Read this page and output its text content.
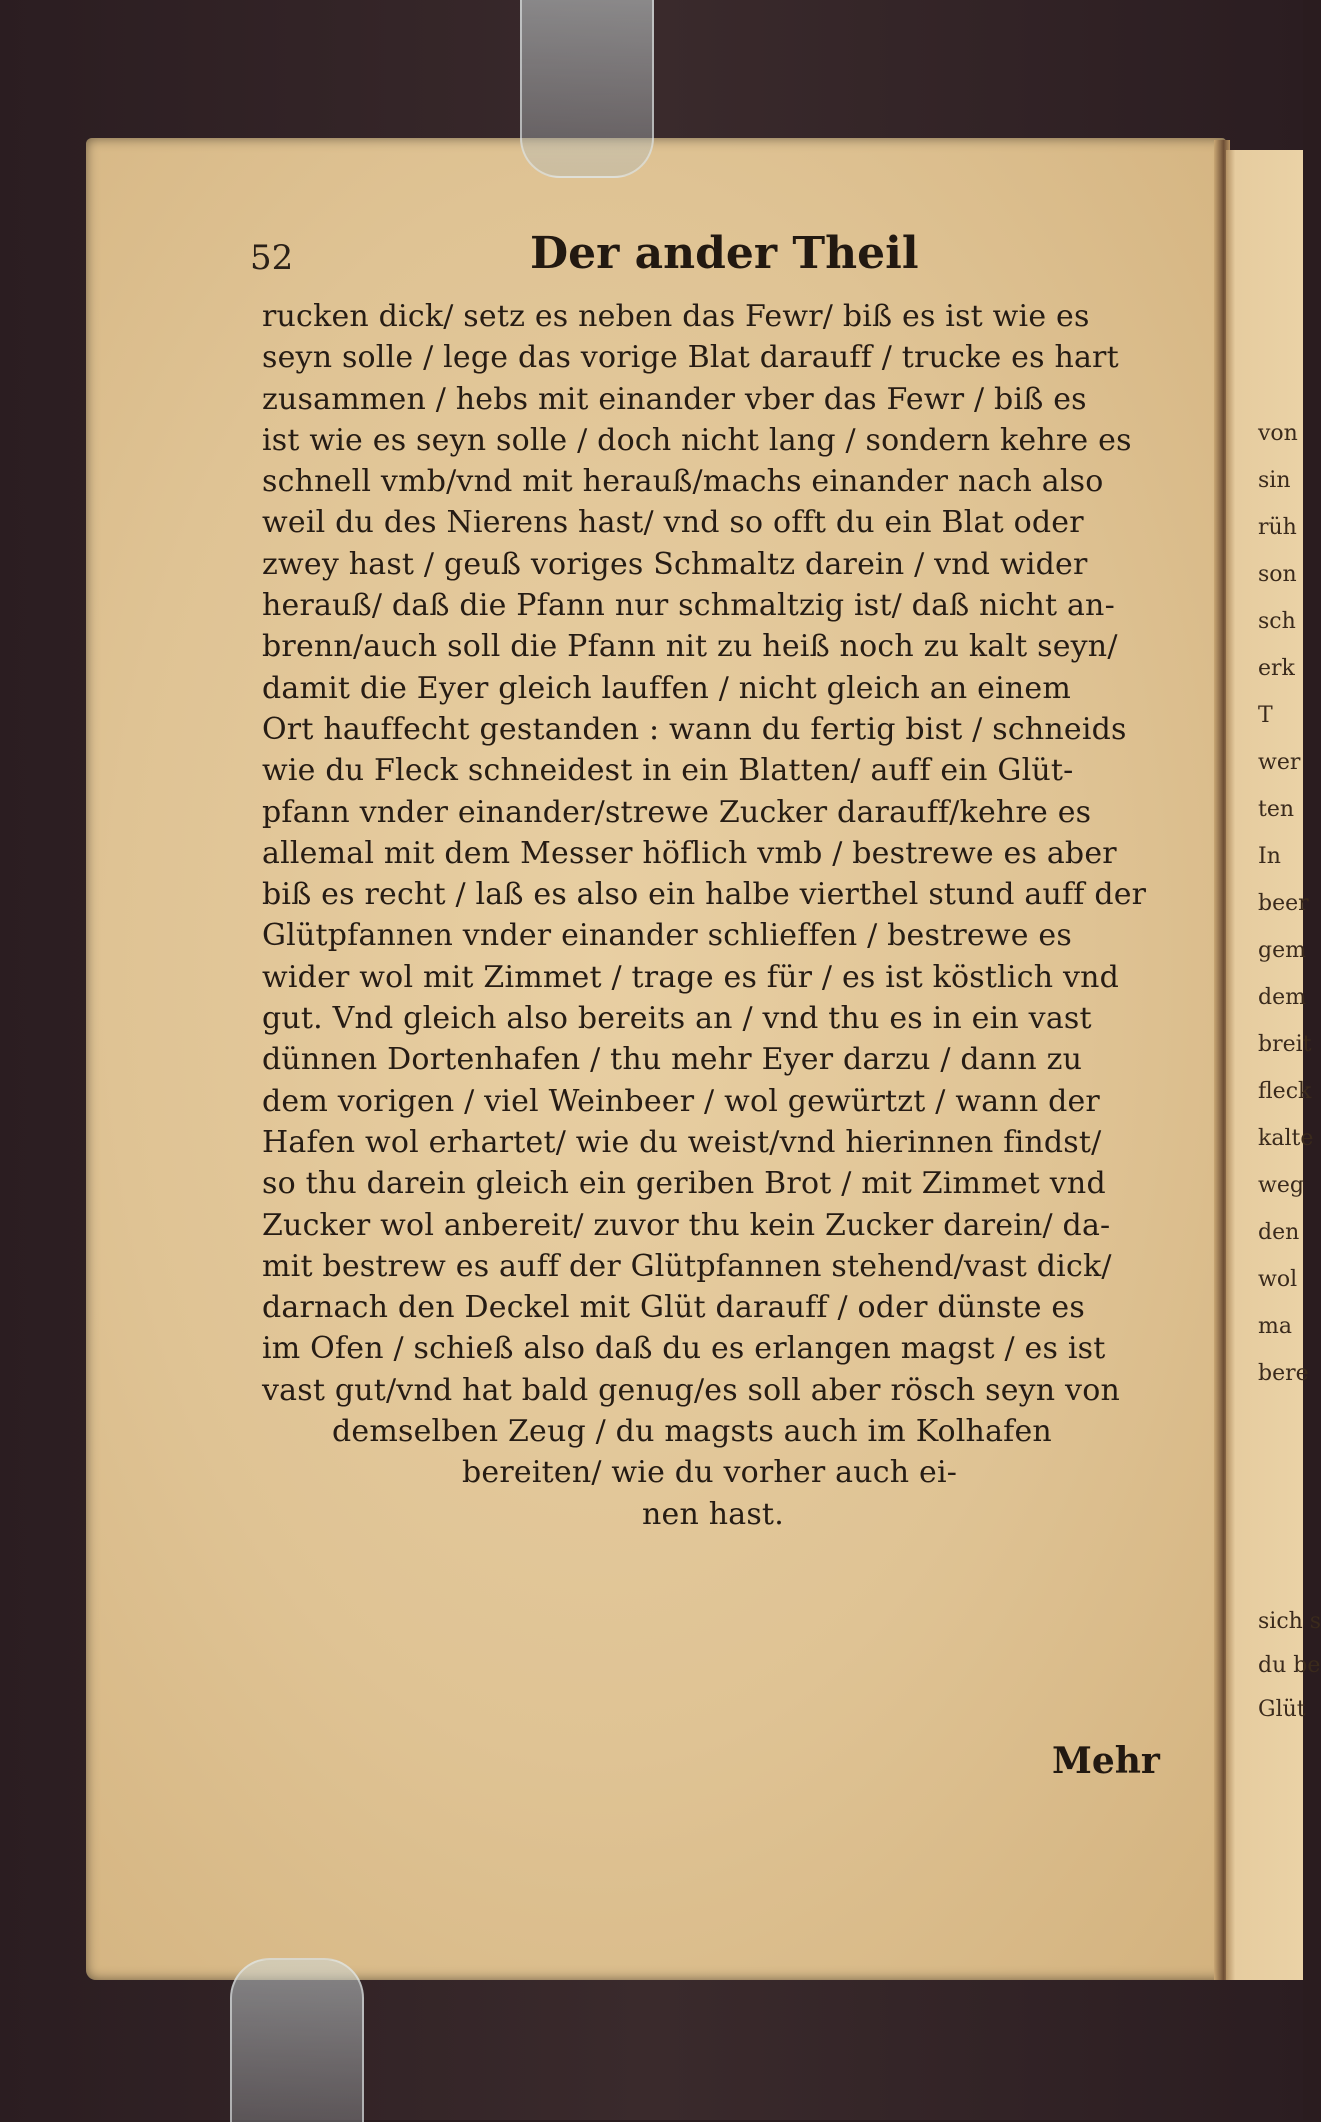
52	Der ander Theil
rucken dick/ setz es neben das Fewr/ biß es ist wie es
seyn solle / lege das vorige Blat darauff / trucke es hart
zusammen / hebs mit einander vber das Fewr / biß es
ist wie es seyn solle / doch nicht lang / sondern kehre es
schnell vmb/vnd mit herauß/machs einander nach also
weil du des Nierens hast/ vnd so offt du ein Blat oder
zwey hast / geuß voriges Schmaltz darein / vnd wider
herauß/ daß die Pfann nur schmaltzig ist/ daß nicht an-
brenn/auch soll die Pfann nit zu heiß noch zu kalt seyn/
damit die Eyer gleich lauffen / nicht gleich an einem
Ort hauffecht gestanden : wann du fertig bist / schneids
wie du Fleck schneidest in ein Blatten/ auff ein Glüt-
pfann vnder einander/strewe Zucker darauff/kehre es
allemal mit dem Messer höflich vmb / bestrewe es aber
biß es recht / laß es also ein halbe vierthel stund auff der
Glütpfannen vnder einander schlieffen / bestrewe es
wider wol mit Zimmet / trage es für / es ist köstlich vnd
gut. Vnd gleich also bereits an / vnd thu es in ein vast
dünnen Dortenhafen / thu mehr Eyer darzu / dann zu
dem vorigen / viel Weinbeer / wol gewürtzt / wann der
Hafen wol erhartet/ wie du weist/vnd hierinnen findst/
so thu darein gleich ein geriben Brot / mit Zimmet vnd
Zucker wol anbereit/ zuvor thu kein Zucker darein/ da-
mit bestrew es auff der Glütpfannen stehend/vast dick/
darnach den Deckel mit Glüt darauff / oder dünste es
im Ofen / schieß also daß du es erlangen magst / es ist
vast gut/vnd hat bald genug/es soll aber rösch seyn von
demselben Zeug / du magsts auch im Kolhafen
bereiten/ wie du vorher auch ei-
nen hast.
Mehr
von
sin
rüh
son
sch
erk
T
wer
ten
In
beer
gem
dem
breit
fleck
kalte
weg
den
wol
ma
bere
sich s
du be
Glüt
